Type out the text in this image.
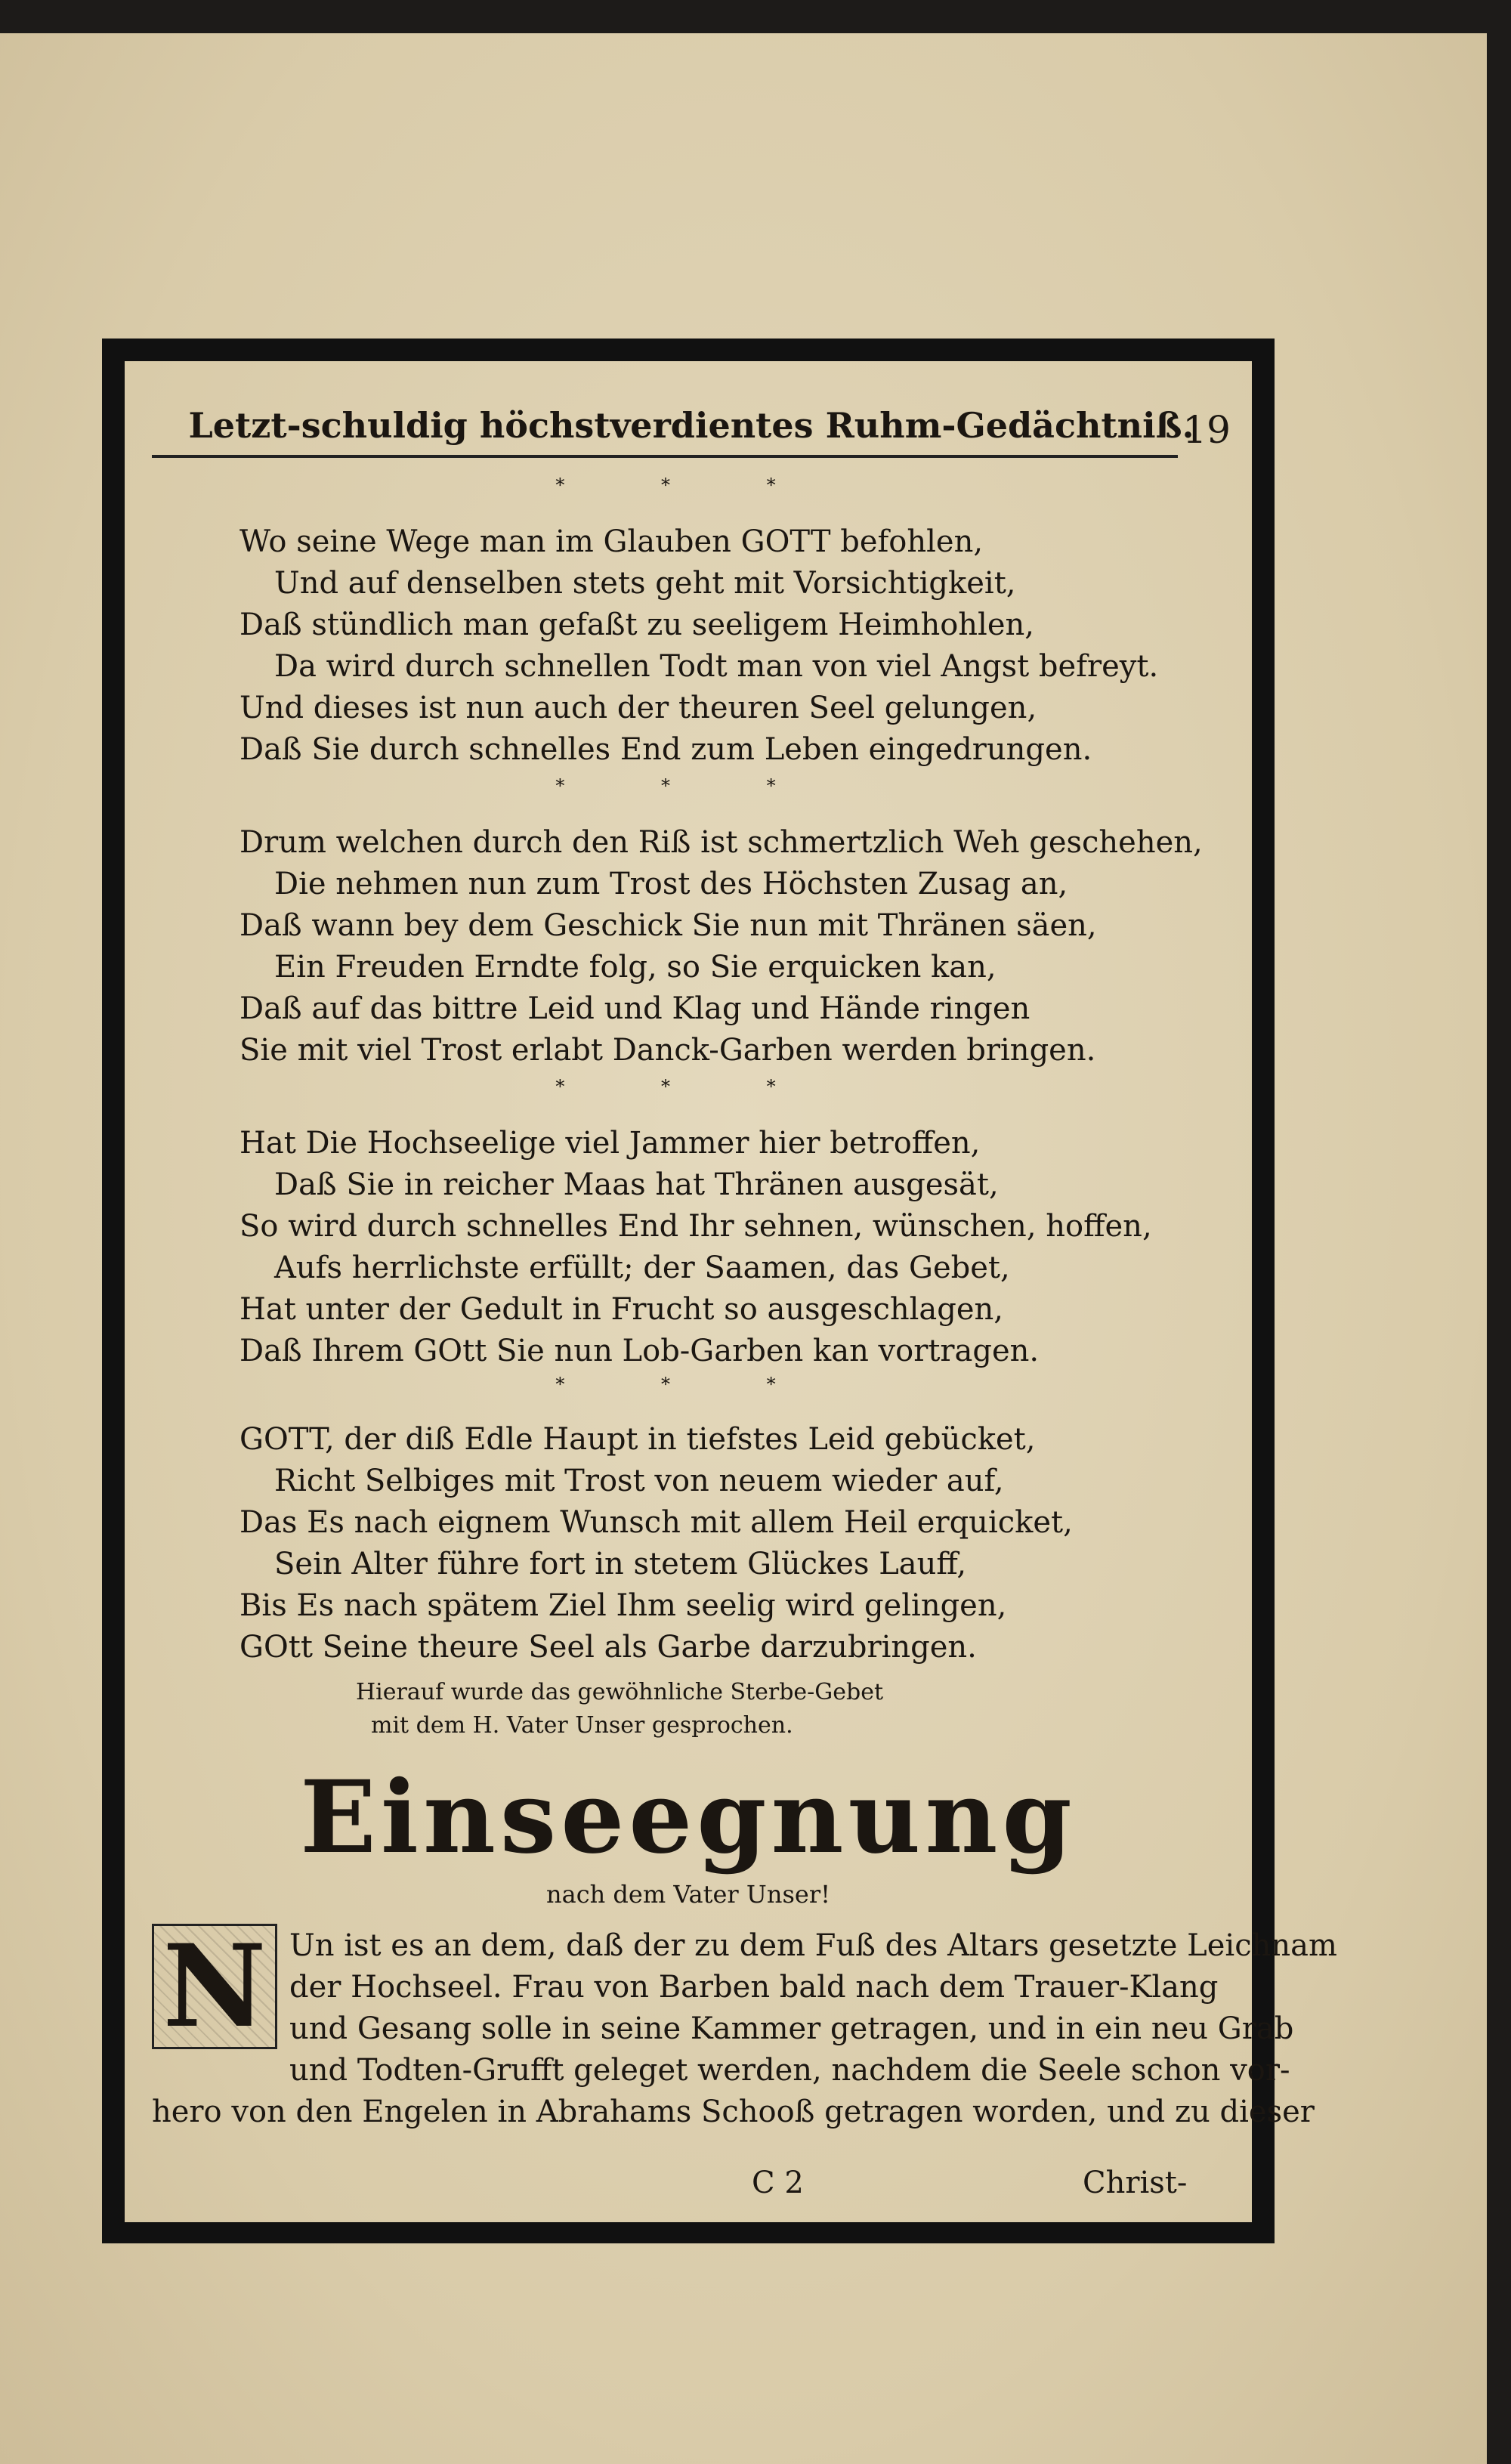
Letzt-schuldig höchstverdientes Ruhm-Gedächtniß.
19
* * *
Wo seine Wege man im Glauben GOTT befohlen,
Und auf denselben stets geht mit Vorsichtigkeit,
Daß stündlich man gefaßt zu seeligem Heimhohlen,
Da wird durch schnellen Todt man von viel Angst befreyt.
Und dieses ist nun auch der theuren Seel gelungen,
Daß Sie durch schnelles End zum Leben eingedrungen.
* * *
Drum welchen durch den Riß ist schmertzlich Weh geschehen,
Die nehmen nun zum Trost des Höchsten Zusag an,
Daß wann bey dem Geschick Sie nun mit Thränen säen,
Ein Freuden Erndte folg, so Sie erquicken kan,
Daß auf das bittre Leid und Klag und Hände ringen
Sie mit viel Trost erlabt Danck-Garben werden bringen.
* * *
Hat Die Hochseelige viel Jammer hier betroffen,
Daß Sie in reicher Maas hat Thränen ausgesät,
So wird durch schnelles End Ihr sehnen, wünschen, hoffen,
Aufs herrlichste erfüllt; der Saamen, das Gebet,
Hat unter der Gedult in Frucht so ausgeschlagen,
Daß Ihrem GOtt Sie nun Lob-Garben kan vortragen.
* * *
GOTT, der diß Edle Haupt in tiefstes Leid gebücket,
Richt Selbiges mit Trost von neuem wieder auf,
Das Es nach eignem Wunsch mit allem Heil erquicket,
Sein Alter führe fort in stetem Glückes Lauff,
Bis Es nach spätem Ziel Ihm seelig wird gelingen,
GOtt Seine theure Seel als Garbe darzubringen.
Hierauf wurde das gewöhnliche Sterbe-Gebet
mit dem H. Vater Unser gesprochen.
Einseegnung
nach dem Vater Unser!
N Un ist es an dem, daß der zu dem Fuß des Altars gesetzte Leichnam
der Hochseel. Frau von Barben bald nach dem Trauer-Klang
und Gesang solle in seine Kammer getragen, und in ein neu Grab
und Todten-Grufft geleget werden, nachdem die Seele schon vor-
hero von den Engelen in Abrahams Schooß getragen worden, und zu dieser
C 2	Christ-
